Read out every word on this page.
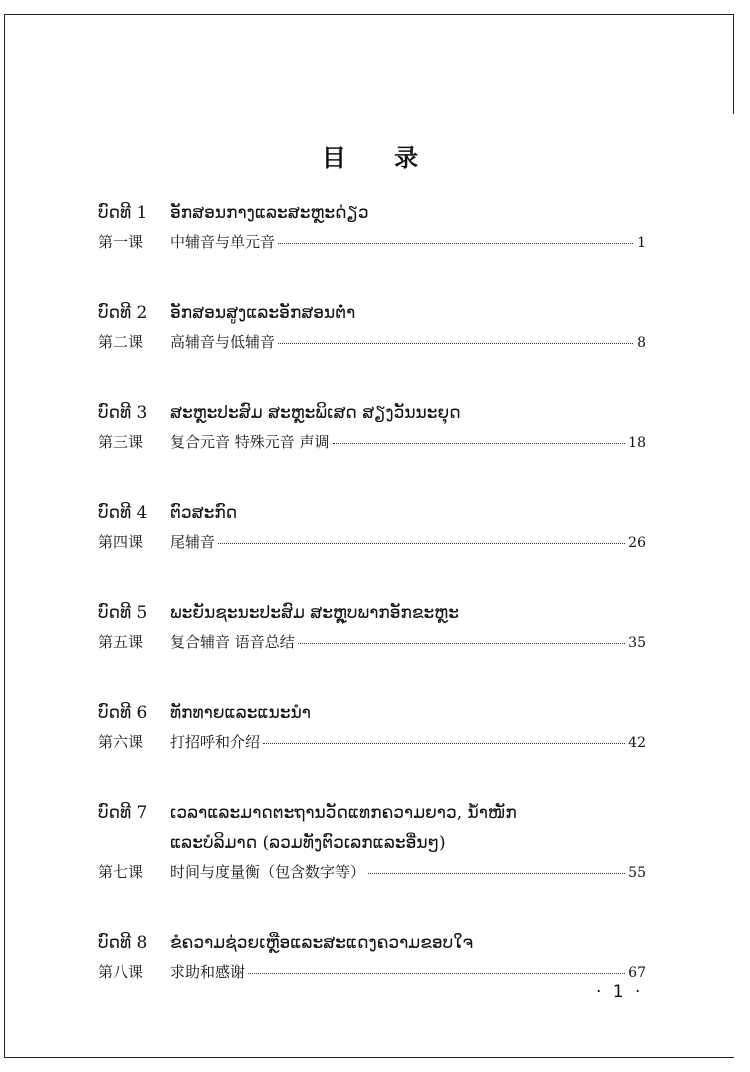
目 录
ບົດທີ 1	ອັກສອນກາງແລະສະຫຼະດ່ຽວ
第一课	中辅音与单元音	1
ບົດທີ 2	ອັກສອນສູງແລະອັກສອນຕ່ຳ
第二课	高辅音与低辅音	8
ບົດທີ 3	ສະຫຼະປະສົມ ສະຫຼະພິເສດ ສຽງວັນນະຍຸດ
第三课	复合元音 特殊元音 声调	18
ບົດທີ 4	ຕົວສະກົດ
第四课	尾辅音	26
ບົດທີ 5	ພະຍັນຊະນະປະສົມ ສະຫຼຸບພາກອັກຂະຫຼະ
第五课	复合辅音 语音总结	35
ບົດທີ 6	ທັກທາຍແລະແນະນຳ
第六课	打招呼和介绍	42
ບົດທີ 7	ເວລາແລະມາດຕະຖານວັດແທກຄວາມຍາວ, ນ້ຳໜັກ
ແລະບໍລິມາດ (ລວມທັງຕົວເລກແລະອື່ນໆ)
第七课	时间与度量衡（包含数字等）	55
ບົດທີ 8	ຂໍຄວາມຊ່ວຍເຫຼືອແລະສະແດງຄວາມຂອບໃຈ
第八课	求助和感谢	67
· 1 ·
